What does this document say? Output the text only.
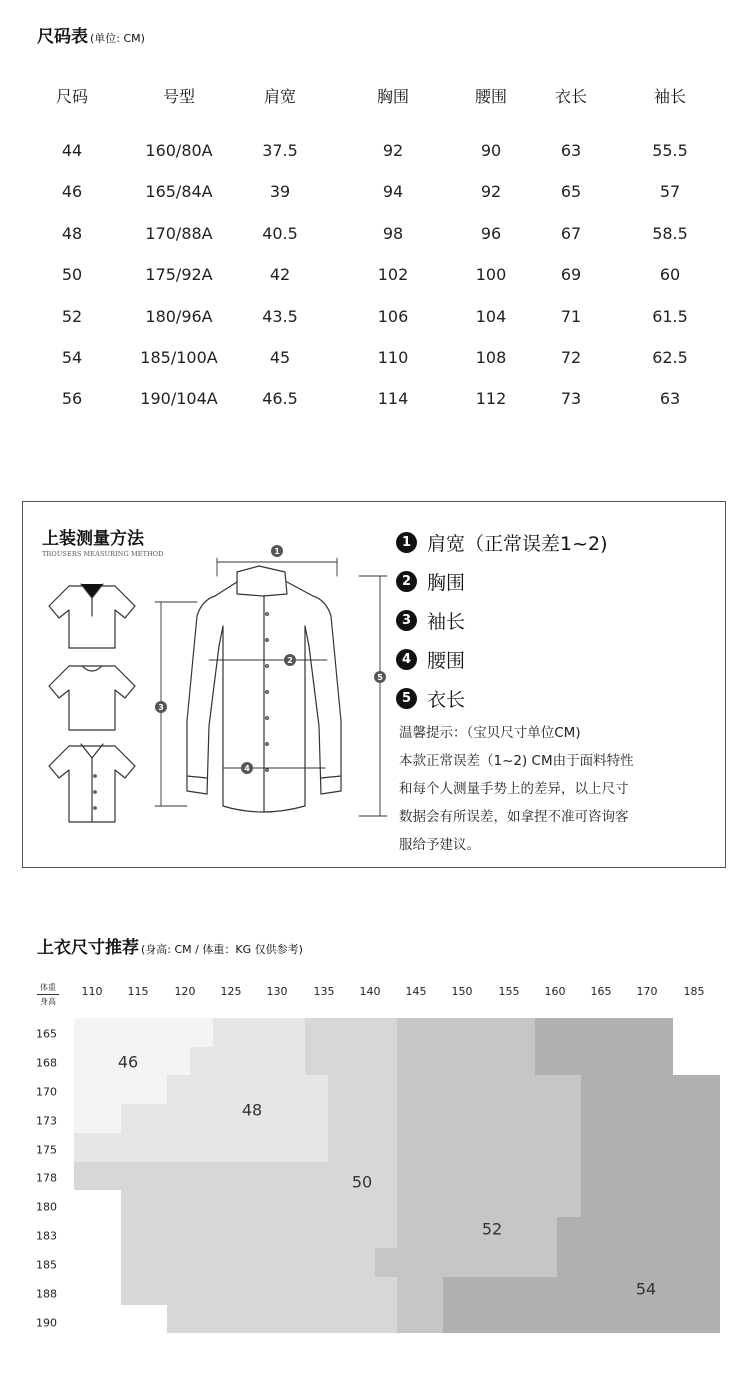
尺码表 (单位: CM)
尺码	号型	肩宽	胸围	腰围	衣长	袖长
44	160/80A	37.5	92	90	63	55.5
46	165/84A	39	94	92	65	57
48	170/88A	40.5	98	96	67	58.5
50	175/92A	42	102	100	69	60
52	180/96A	43.5	106	104	71	61.5
54	185/100A	45	110	108	72	62.5
56	190/104A	46.5	114	112	73	63
上装测量方法
TROUSERS MEASURING METHOD	1
2
3
4
5
1 肩宽（正常误差1~2)
2 胸围
3 袖长
4 腰围
5 衣长
温馨提示：（宝贝尺寸单位CM)
本款正常误差（1~2) CM由于面料特性
和每个人测量手势上的差异，以上尺寸
数据会有所误差，如拿捏不准可咨询客
服给予建议。
上衣尺寸推荐 (身高: CM / 体重：KG 仅供参考)
体重
身高
110 115 120 125 130 135 140 145 150 155 160 165 170 185
165
168
170
173
175
178
180
183
185
188
190
46
48
50
52
54
